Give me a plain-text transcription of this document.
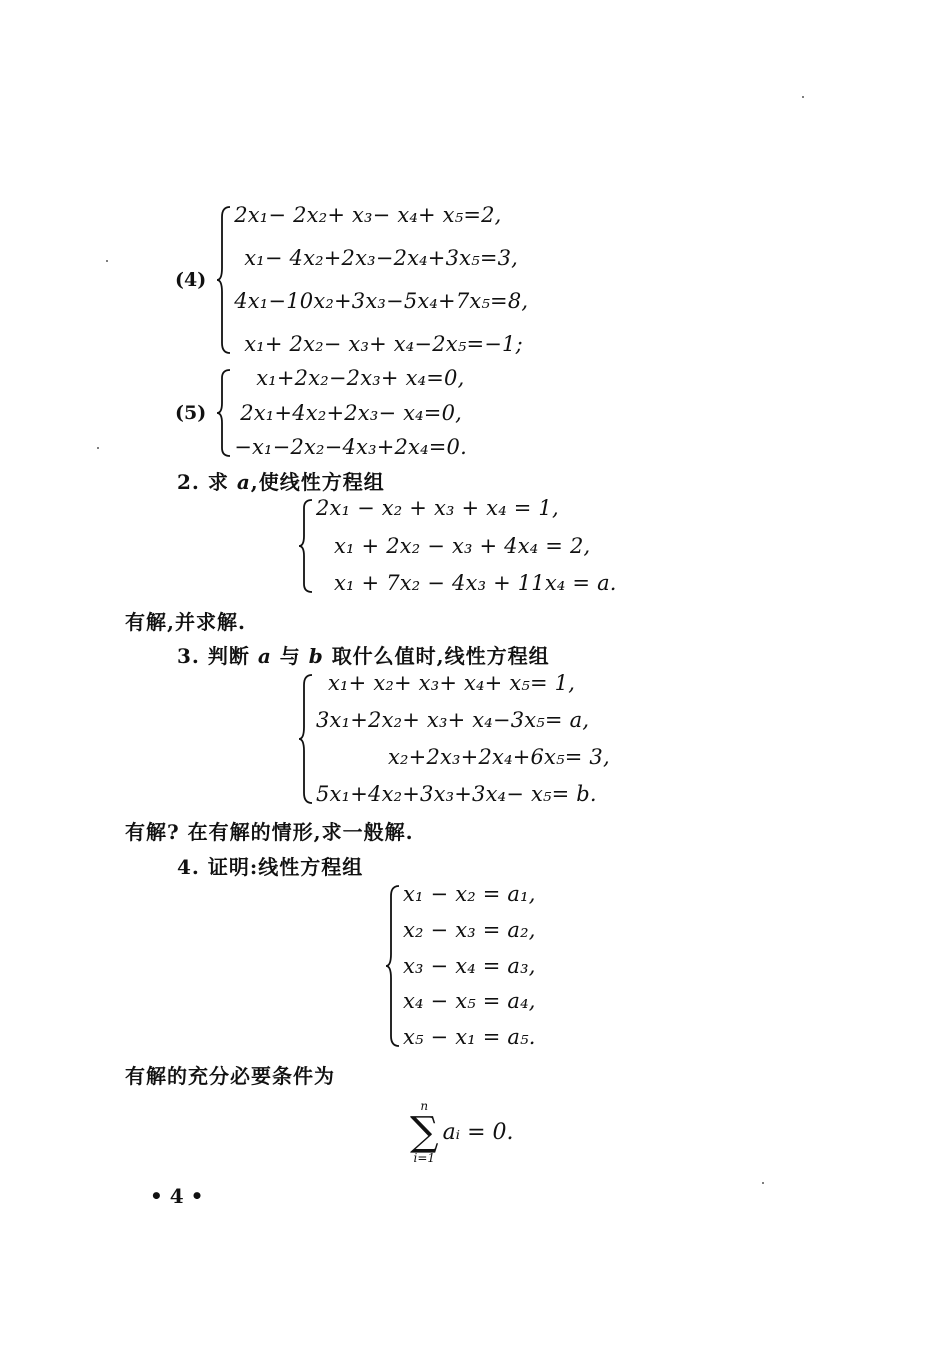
(4)
2x₁− 2x₂+ x₃− x₄+ x₅=2,
x₁− 4x₂+2x₃−2x₄+3x₅=3,
4x₁−10x₂+3x₃−5x₄+7x₅=8,
x₁+ 2x₂− x₃+ x₄−2x₅=−1;
(5)
x₁+2x₂−2x₃+ x₄=0,
2x₁+4x₂+2x₃− x₄=0,
−x₁−2x₂−4x₃+2x₄=0.
2. 求 a,使线性方程组
2x₁ − x₂ + x₃ + x₄ = 1,
x₁ + 2x₂ − x₃ + 4x₄ = 2,
x₁ + 7x₂ − 4x₃ + 11x₄ = a.
有解,并求解.
3. 判断 a 与 b 取什么值时,线性方程组
x₁+ x₂+ x₃+ x₄+ x₅= 1,
3x₁+2x₂+ x₃+ x₄−3x₅= a,
x₂+2x₃+2x₄+6x₅= 3,
5x₁+4x₂+3x₃+3x₄− x₅= b.
有解? 在有解的情形,求一般解.
4. 证明:线性方程组
x₁ − x₂ = a₁,
x₂ − x₃ = a₂,
x₃ − x₄ = a₃,
x₄ − x₅ = a₄,
x₅ − x₁ = a₅.
有解的充分必要条件为
n
∑
i=1
aᵢ = 0.
• 4 •
